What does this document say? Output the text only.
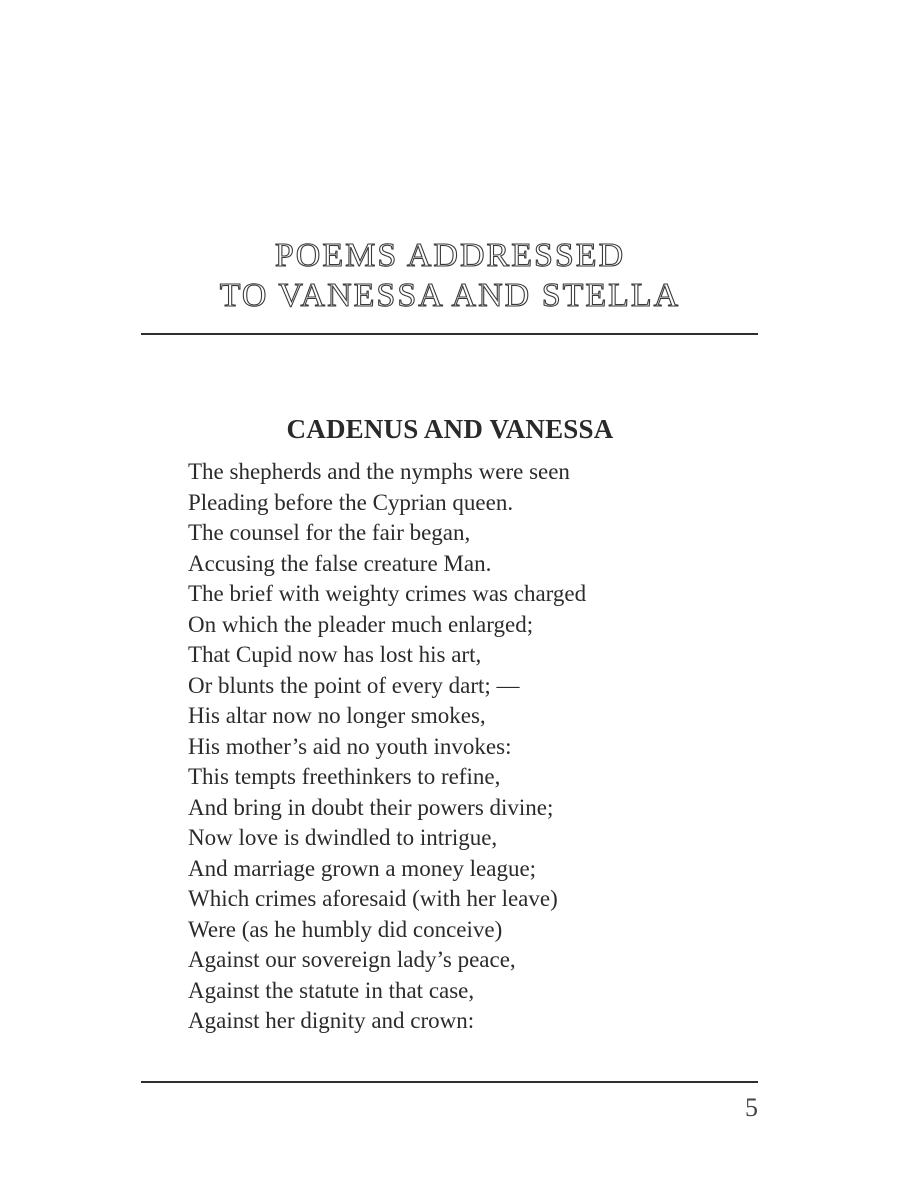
POEMS ADDRESSED
TO VANESSA AND STELLA
CADENUS AND VANESSA
The shepherds and the nymphs were seen
Pleading before the Cyprian queen.
The counsel for the fair began,
Accusing the false creature Man.
The brief with weighty crimes was charged
On which the pleader much enlarged;
That Cupid now has lost his art,
Or blunts the point of every dart; —
His altar now no longer smokes,
His mother’s aid no youth invokes:
This tempts freethinkers to refine,
And bring in doubt their powers divine;
Now love is dwindled to intrigue,
And marriage grown a money league;
Which crimes aforesaid (with her leave)
Were (as he humbly did conceive)
Against our sovereign lady’s peace,
Against the statute in that case,
Against her dignity and crown:
5
